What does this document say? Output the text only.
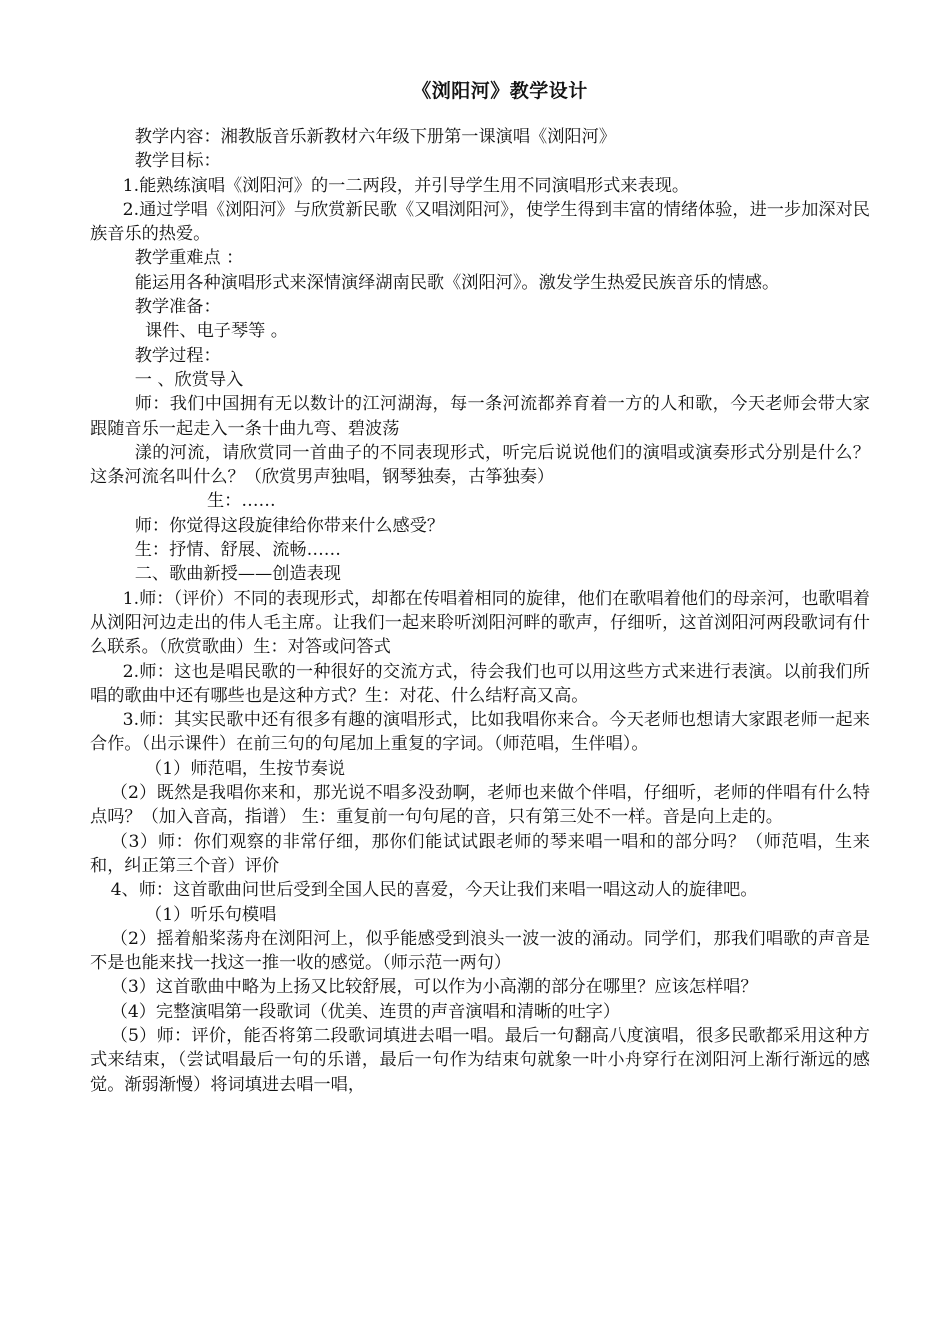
《浏阳河》教学设计

教学内容：湘教版音乐新教材六年级下册第一课演唱《浏阳河》

教学目标：

1.能熟练演唱《浏阳河》的一二两段，并引导学生用不同演唱形式来表现。

2.通过学唱《浏阳河》与欣赏新民歌《又唱浏阳河》，使学生得到丰富的情绪体验，进一步加深对民族音乐的热爱。

教学重难点 ：

能运用各种演唱形式来深情演绎湖南民歌《浏阳河》。激发学生热爱民族音乐的情感。

教学准备：

课件、电子琴等 。

教学过程：

一 、欣赏导入

师：我们中国拥有无以数计的江河湖海，每一条河流都养育着一方的人和歌，今天老师会带大家跟随音乐一起走入一条十曲九弯、碧波荡

漾的河流，请欣赏同一首曲子的不同表现形式，听完后说说他们的演唱或演奏形式分别是什么？这条河流名叫什么？（欣赏男声独唱，钢琴独奏，古筝独奏）

生：……

师：你觉得这段旋律给你带来什么感受？

生：抒情、舒展、流畅……

二、歌曲新授——创造表现

1.师：（评价）不同的表现形式，却都在传唱着相同的旋律，他们在歌唱着他们的母亲河，也歌唱着从浏阳河边走出的伟人毛主席。让我们一起来聆听浏阳河畔的歌声，仔细听，这首浏阳河两段歌词有什么联系。（欣赏歌曲）生：对答或问答式

2.师：这也是唱民歌的一种很好的交流方式，待会我们也可以用这些方式来进行表演。以前我们所唱的歌曲中还有哪些也是这种方式？生：对花、什么结籽高又高。

3.师：其实民歌中还有很多有趣的演唱形式，比如我唱你来合。今天老师也想请大家跟老师一起来合作。（出示课件）在前三句的句尾加上重复的字词。（师范唱，生伴唱）。

（1）师范唱，生按节奏说

（2）既然是我唱你来和，那光说不唱多没劲啊，老师也来做个伴唱，仔细听，老师的伴唱有什么特点吗？（加入音高，指谱） 生：重复前一句句尾的音，只有第三处不一样。音是向上走的。

（3）师：你们观察的非常仔细，那你们能试试跟老师的琴来唱一唱和的部分吗？（师范唱，生来和，纠正第三个音）评价

4、师：这首歌曲问世后受到全国人民的喜爱，今天让我们来唱一唱这动人的旋律吧。

（1）听乐句模唱

（2）摇着船桨荡舟在浏阳河上，似乎能感受到浪头一波一波的涌动。同学们，那我们唱歌的声音是不是也能来找一找这一推一收的感觉。（师示范一两句）

（3）这首歌曲中略为上扬又比较舒展，可以作为小高潮的部分在哪里？应该怎样唱？

（4）完整演唱第一段歌词（优美、连贯的声音演唱和清晰的吐字）

（5）师：评价，能否将第二段歌词填进去唱一唱。最后一句翻高八度演唱，很多民歌都采用这种方式来结束，（尝试唱最后一句的乐谱，最后一句作为结束句就象一叶小舟穿行在浏阳河上渐行渐远的感觉。渐弱渐慢）将词填进去唱一唱，
